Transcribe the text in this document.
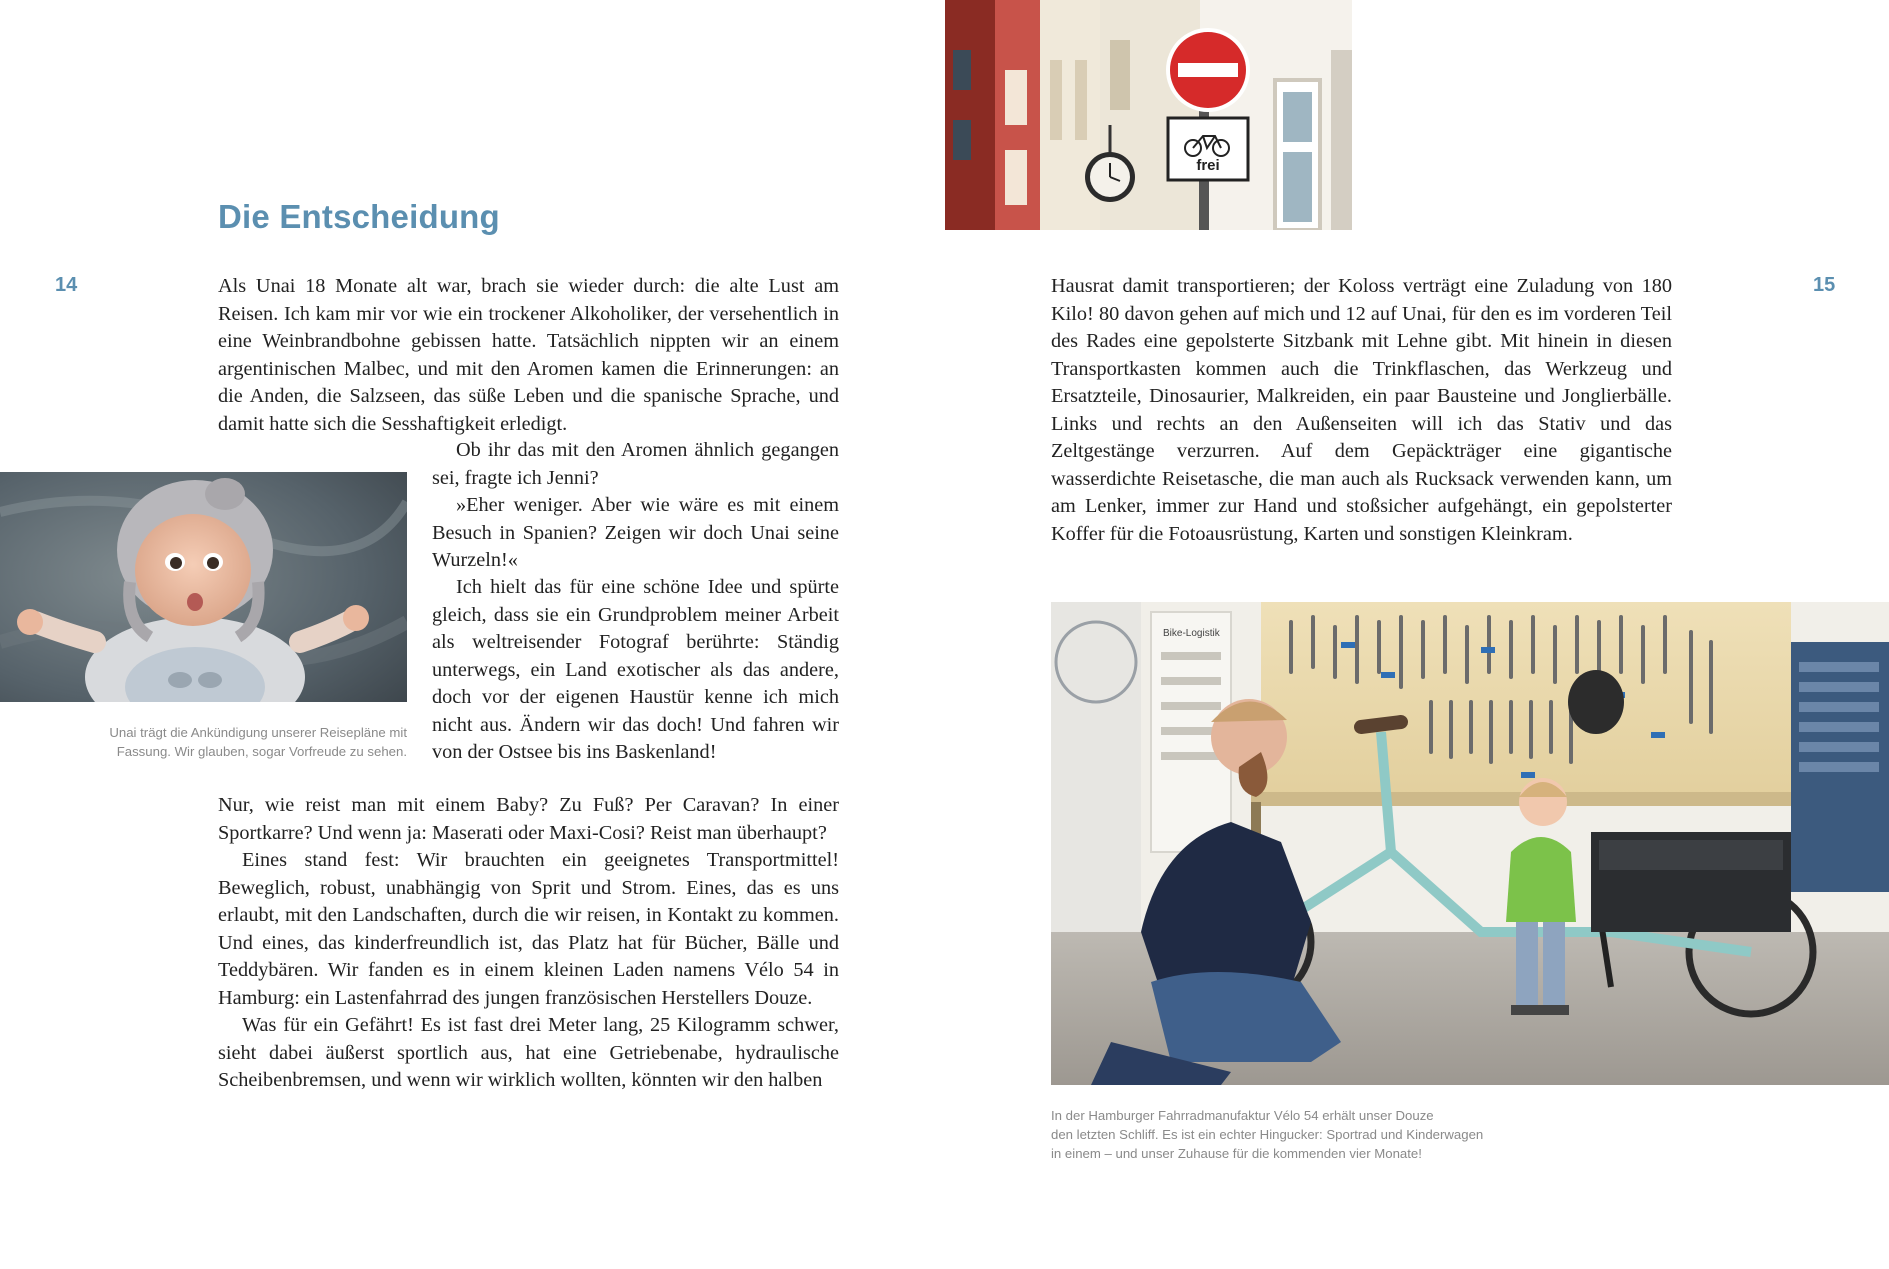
Die Entscheidung
14	Als Unai 18 Monate alt war, brach sie wieder durch: die alte Lust am Reisen. Ich kam mir vor wie ein trockener Alkoholiker, der versehentlich in eine Weinbrandbohne gebissen hatte. Tatsächlich nippten wir an einem argentinischen Malbec, und mit den Aromen kamen die Erinnerungen: an die Anden, die Salzseen, das süße Leben und die spanische Sprache, und damit hatte sich die Sesshaftigkeit erledigt.

Ob ihr das mit den Aromen ähnlich gegangen sei, fragte ich Jenni?

»Eher weniger. Aber wie wäre es mit einem Besuch in Spanien? Zeigen wir doch Unai seine Wurzeln!«

Ich hielt das für eine schöne Idee und spürte gleich, dass sie ein Grundproblem meiner Arbeit als weltreisender Fotograf berührte: Ständig unterwegs, ein Land exotischer als das andere, doch vor der eigenen Haustür kenne ich mich nicht aus. Ändern wir das doch! Und fahren wir von der Ostsee bis ins Baskenland!

Nur, wie reist man mit einem Baby? Zu Fuß? Per Caravan? In einer Sportkarre? Und wenn ja: Maserati oder Maxi-Cosi? Reist man überhaupt?

Eines stand fest: Wir brauchten ein geeignetes Transportmittel! Beweglich, robust, unabhängig von Sprit und Strom. Eines, das es uns erlaubt, mit den Landschaften, durch die wir reisen, in Kontakt zu kommen. Und eines, das kinderfreundlich ist, das Platz hat für Bücher, Bälle und Teddybären. Wir fanden es in einem kleinen Laden namens Vélo 54 in Hamburg: ein Lastenfahrrad des jungen französischen Herstellers Douze.

Was für ein Gefährt! Es ist fast drei Meter lang, 25 Kilogramm schwer, sieht dabei äußerst sportlich aus, hat eine Getriebenabe, hydraulische Scheibenbremsen, und wenn wir wirklich wollten, könnten wir den halben

Unai trägt die Ankündigung unserer Reisepläne mit Fassung. Wir glauben, sogar Vorfreude zu sehen.

15
frei

Hausrat damit transportieren; der Koloss verträgt eine Zuladung von 180 Kilo! 80 davon gehen auf mich und 12 auf Unai, für den es im vorderen Teil des Rades eine gepolsterte Sitzbank mit Lehne gibt. Mit hinein in diesen Transportkasten kommen auch die Trinkflaschen, das Werkzeug und Ersatzteile, Dinosaurier, Malkreiden, ein paar Bausteine und Jonglierbälle. Links und rechts an den Außenseiten will ich das Stativ und das Zeltgestänge verzurren. Auf dem Gepäckträger eine gigantische wasserdichte Reisetasche, die man auch als Rucksack verwenden kann, um am Lenker, immer zur Hand und stoßsicher aufgehängt, ein gepolsterter Koffer für die Fotoausrüstung, Karten und sonstigen Kleinkram.

Bike-Logistik

In der Hamburger Fahrradmanufaktur Vélo 54 erhält unser Douze

den letzten Schliff. Es ist ein echter Hingucker: Sportrad und Kinderwagen

in einem – und unser Zuhause für die kommenden vier Monate!
